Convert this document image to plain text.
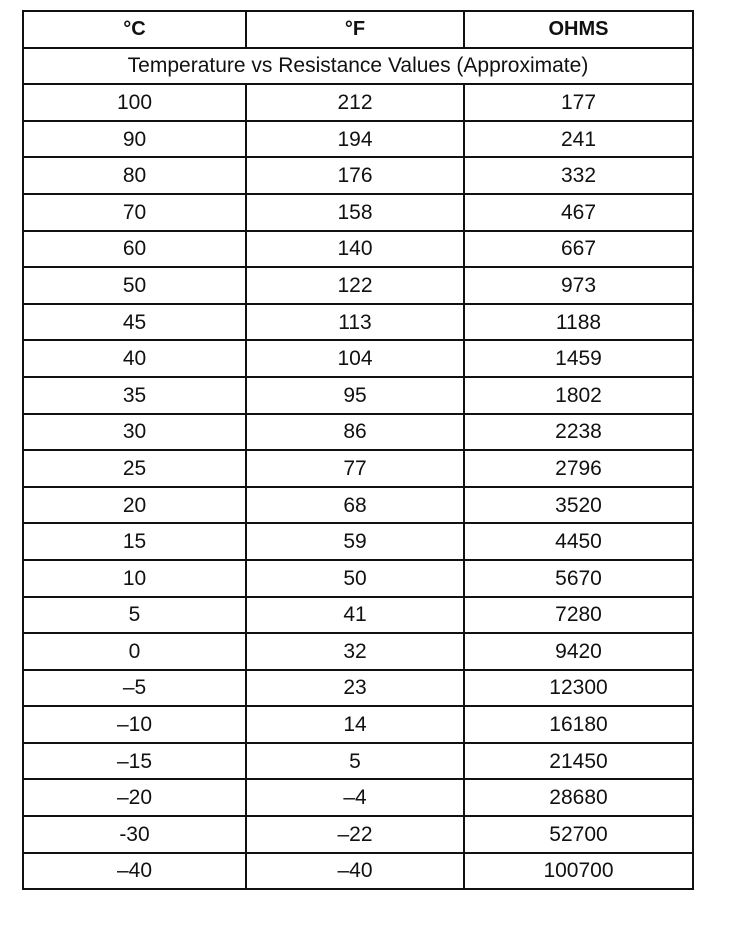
°C	°F	OHMS
Temperature vs Resistance Values (Approximate)		
100	212	177
90	194	241
80	176	332
70	158	467
60	140	667
50	122	973
45	113	1188
40	104	1459
35	95	1802
30	86	2238
25	77	2796
20	68	3520
15	59	4450
10	50	5670
5	41	7280
0	32	9420
–5	23	12300
–10	14	16180
–15	5	21450
–20	–4	28680
-30	–22	52700
–40	–40	100700
